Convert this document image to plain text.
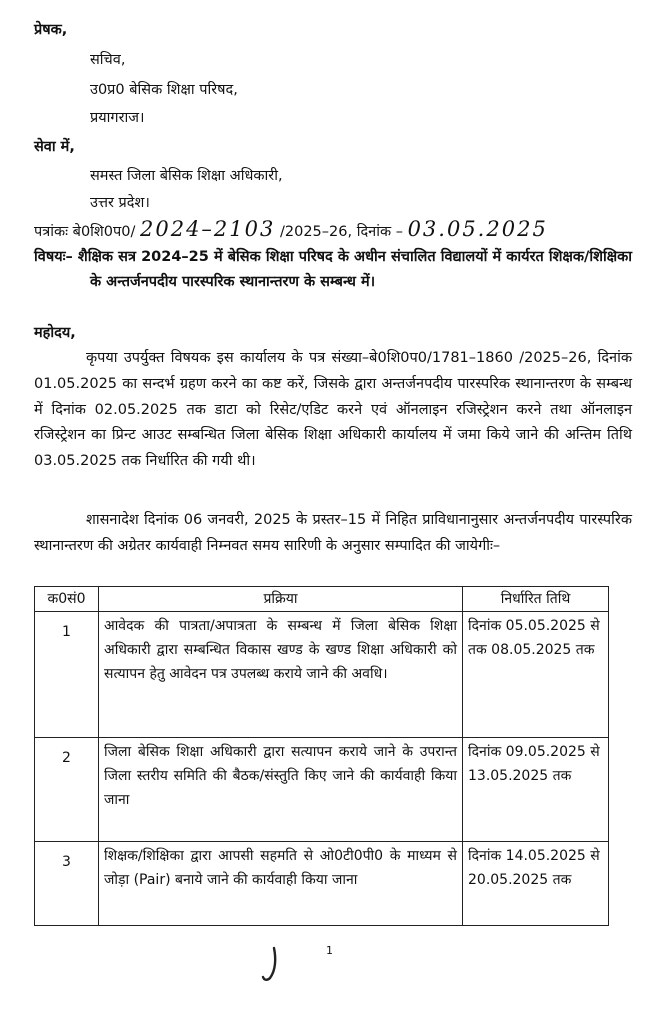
प्रेषक,
सचिव,
उ0प्र0 बेसिक शिक्षा परिषद,
प्रयागराज।
सेवा में,
समस्त जिला बेसिक शिक्षा अधिकारी,
उत्तर प्रदेश।
पत्रांकः बे0शि0प0/ 2024–2103 /2025–26, दिनांक – 03.05.2025
विषयः– शैक्षिक सत्र 2024–25 में बेसिक शिक्षा परिषद के अधीन संचालित विद्यालयों में कार्यरत शिक्षक/शिक्षिका के अन्तर्जनपदीय पारस्परिक स्थानान्तरण के सम्बन्ध में।
महोदय,
कृपया उपर्युक्त विषयक इस कार्यालय के पत्र संख्या–बे0शि0प0/1781–1860 /2025–26, दिनांक 01.05.2025 का सन्दर्भ ग्रहण करने का कष्ट करें, जिसके द्वारा अन्तर्जनपदीय पारस्परिक स्थानान्तरण के सम्बन्ध में दिनांक 02.05.2025 तक डाटा को रिसेट/एडिट करने एवं ऑनलाइन रजिस्ट्रेशन करने तथा ऑनलाइन रजिस्ट्रेशन का प्रिन्ट आउट सम्बन्धित जिला बेसिक शिक्षा अधिकारी कार्यालय में जमा किये जाने की अन्तिम तिथि 03.05.2025 तक निर्धारित की गयी थी।
शासनादेश दिनांक 06 जनवरी, 2025 के प्रस्तर–15 में निहित प्राविधानानुसार अन्तर्जनपदीय पारस्परिक स्थानान्तरण की अग्रेतर कार्यवाही निम्नवत समय सारिणी के अनुसार सम्पादित की जायेगीः–
क0सं0	प्रक्रिया	निर्धारित तिथि
1	आवेदक की पात्रता/अपात्रता के सम्बन्ध में जिला बेसिक शिक्षा अधिकारी द्वारा सम्बन्धित विकास खण्ड के खण्ड शिक्षा अधिकारी को सत्यापन हेतु आवेदन पत्र उपलब्ध कराये जाने की अवधि।	दिनांक 05.05.2025 से तक 08.05.2025 तक
2	जिला बेसिक शिक्षा अधिकारी द्वारा सत्यापन कराये जाने के उपरान्त जिला स्तरीय समिति की बैठक/संस्तुति किए जाने की कार्यवाही किया जाना	दिनांक 09.05.2025 से 13.05.2025 तक
3	शिक्षक/शिक्षिका द्वारा आपसी सहमति से ओ0टी0पी0 के माध्यम से जोड़ा (Pair) बनाये जाने की कार्यवाही किया जाना	दिनांक 14.05.2025 से 20.05.2025 तक
1
